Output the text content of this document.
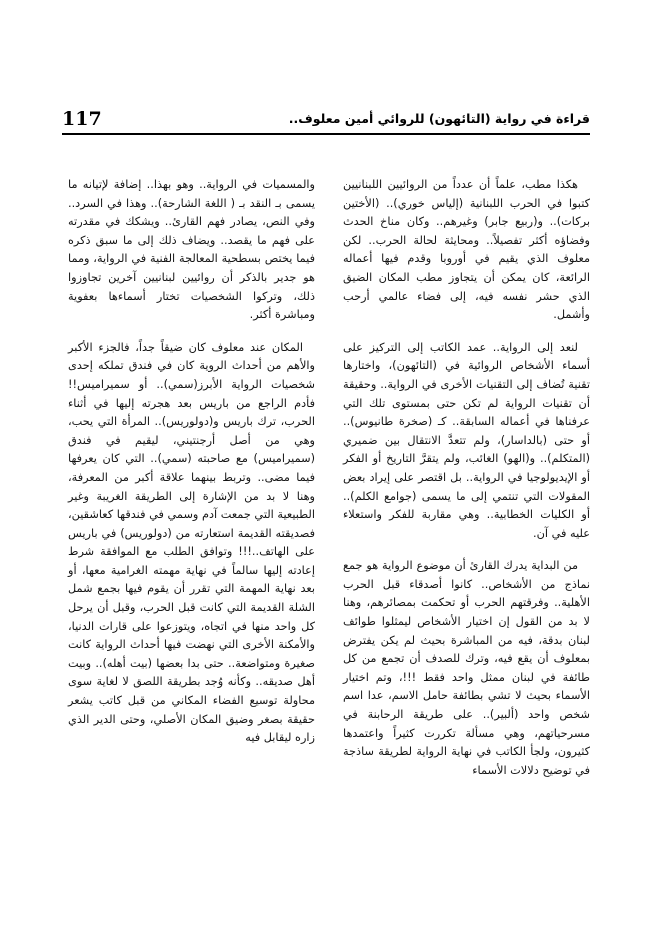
117	قراءة في رواية (التائهون) للروائي أمين معلوف..

هكذا مطب، علماً أن عدداً من الروائيين اللبنانيين كتبوا في الحرب اللبنانية (إلياس خوري).. (الأختين بركات).. و(ربيع جابر) وغيرهم.. وكان مناخ الحدث وفضاؤه أكثر تفصيلاً.. ومحايثة لحالة الحرب.. لكن معلوف الذي يقيم في أوروبا وقدم فيها أعماله الرائعة، كان يمكن أن يتجاوز مطب المكان الضيق الذي حشر نفسه فيه، إلى فضاء عالمي أرحب وأشمل.

لنعد إلى الرواية.. عمد الكاتب إلى التركيز على أسماء الأشخاص الروائية في (التائهون)، واختارها تقنية تُضاف إلى التقنيات الأخرى في الرواية.. وحقيقة أن تقنيات الرواية لم تكن حتى بمستوى تلك التي عرفناها في أعماله السابقة.. كـ (صخرة طانيوس).. أو حتى (بالداسار)، ولم تتعدَّ الانتقال بين ضميري (المتكلم).. و(الهو) الغائب، ولم يتقرَّ التاريخ أو الفكر أو الإيديولوجيا في الرواية.. بل اقتصر على إيراد بعض المقولات التي تنتمي إلى ما يسمى (جوامع الكلم).. أو الكليات الخطابية.. وهي مقاربة للفكر واستعلاء عليه في آن.

من البداية يدرك القارئ أن موضوع الرواية هو جمع نماذج من الأشخاص.. كانوا أصدقاء قبل الحرب الأهلية.. وفرقتهم الحرب أو تحكمت بمصائرهم، وهنا لا بد من القول إن اختيار الأشخاص ليمثلوا طوائف لبنان بدقة، فيه من المباشرة بحيث لم يكن يفترض بمعلوف أن يقع فيه، وترك للصدف أن تجمع من كل طائفة في لبنان ممثل واحد فقط !!!، وتم اختيار الأسماء بحيث لا تشي بطائفة حامل الاسم، عدا اسم شخص واحد (ألبير).. على طريقة الرحابنة في مسرحياتهم، وهي مسألة تكررت كثيراً واعتمدها كثيرون، ولجأ الكاتب في نهاية الرواية لطريقة ساذجة في توضيح دلالات الأسماء

والمسميات في الرواية.. وهو بهذا.. إضافة لإتيانه ما يسمى بـ النقد بـ ( اللغة الشارحة).. وهذا في السرد.. وفي النص، يصادر فهم القارئ.. ويشكك في مقدرته على فهم ما يقصد.. ويضاف ذلك إلى ما سبق ذكره فيما يختص بسطحية المعالجة الفنية في الرواية، ومما هو جدير بالذكر أن روائيين لبنانيين آخرين تجاوزوا ذلك، وتركوا الشخصيات تختار أسماءها بعفوية ومباشرة أكثر.

المكان عند معلوف كان ضيقاً جداً، فالجزء الأكبر والأهم من أحداث الروية كان في فندق تملكه إحدى شخصيات الرواية الأبرز(سمي).. أو سميراميس!! فأدم الراجع من باريس بعد هجرته إليها في أثناء الحرب، ترك باريس و(دولوريس).. المرأة التي يحب، وهي من أصل أرجنتيني، ليقيم في فندق (سميراميس) مع صاحبته (سمي).. التي كان يعرفها فيما مضى.. وتربط بينهما علاقة أكبر من المعرفة، وهنا لا بد من الإشارة إلى الطريقة الغريبة وغير الطبيعية التي جمعت آدم وسمي في فندقها كعاشقين، فصديقته القديمة استعارته من (دولوريس) في باريس على الهاتف..!!! وتوافق الطلب مع الموافقة شرط إعادته إليها سالماً في نهاية مهمته الغرامية معها، أو بعد نهاية المهمة التي تقرر أن يقوم فيها بجمع شمل الشلة القديمة التي كانت قبل الحرب، وقبل أن يرحل كل واحد منها في اتجاه، ويتوزعوا على قارات الدنيا، والأمكنة الأخرى التي نهضت فيها أحداث الرواية كانت صغيرة ومتواضعة.. حتى بدا بعضها (بيت أهله).. وبيت أهل صديقه.. وكأنه وُجد بطريقة اللصق لا لغاية سوى محاولة توسيع الفضاء المكاني من قبل كاتب يشعر حقيقة بصغر وضيق المكان الأصلي، وحتى الدير الذي زاره ليقابل فيه
